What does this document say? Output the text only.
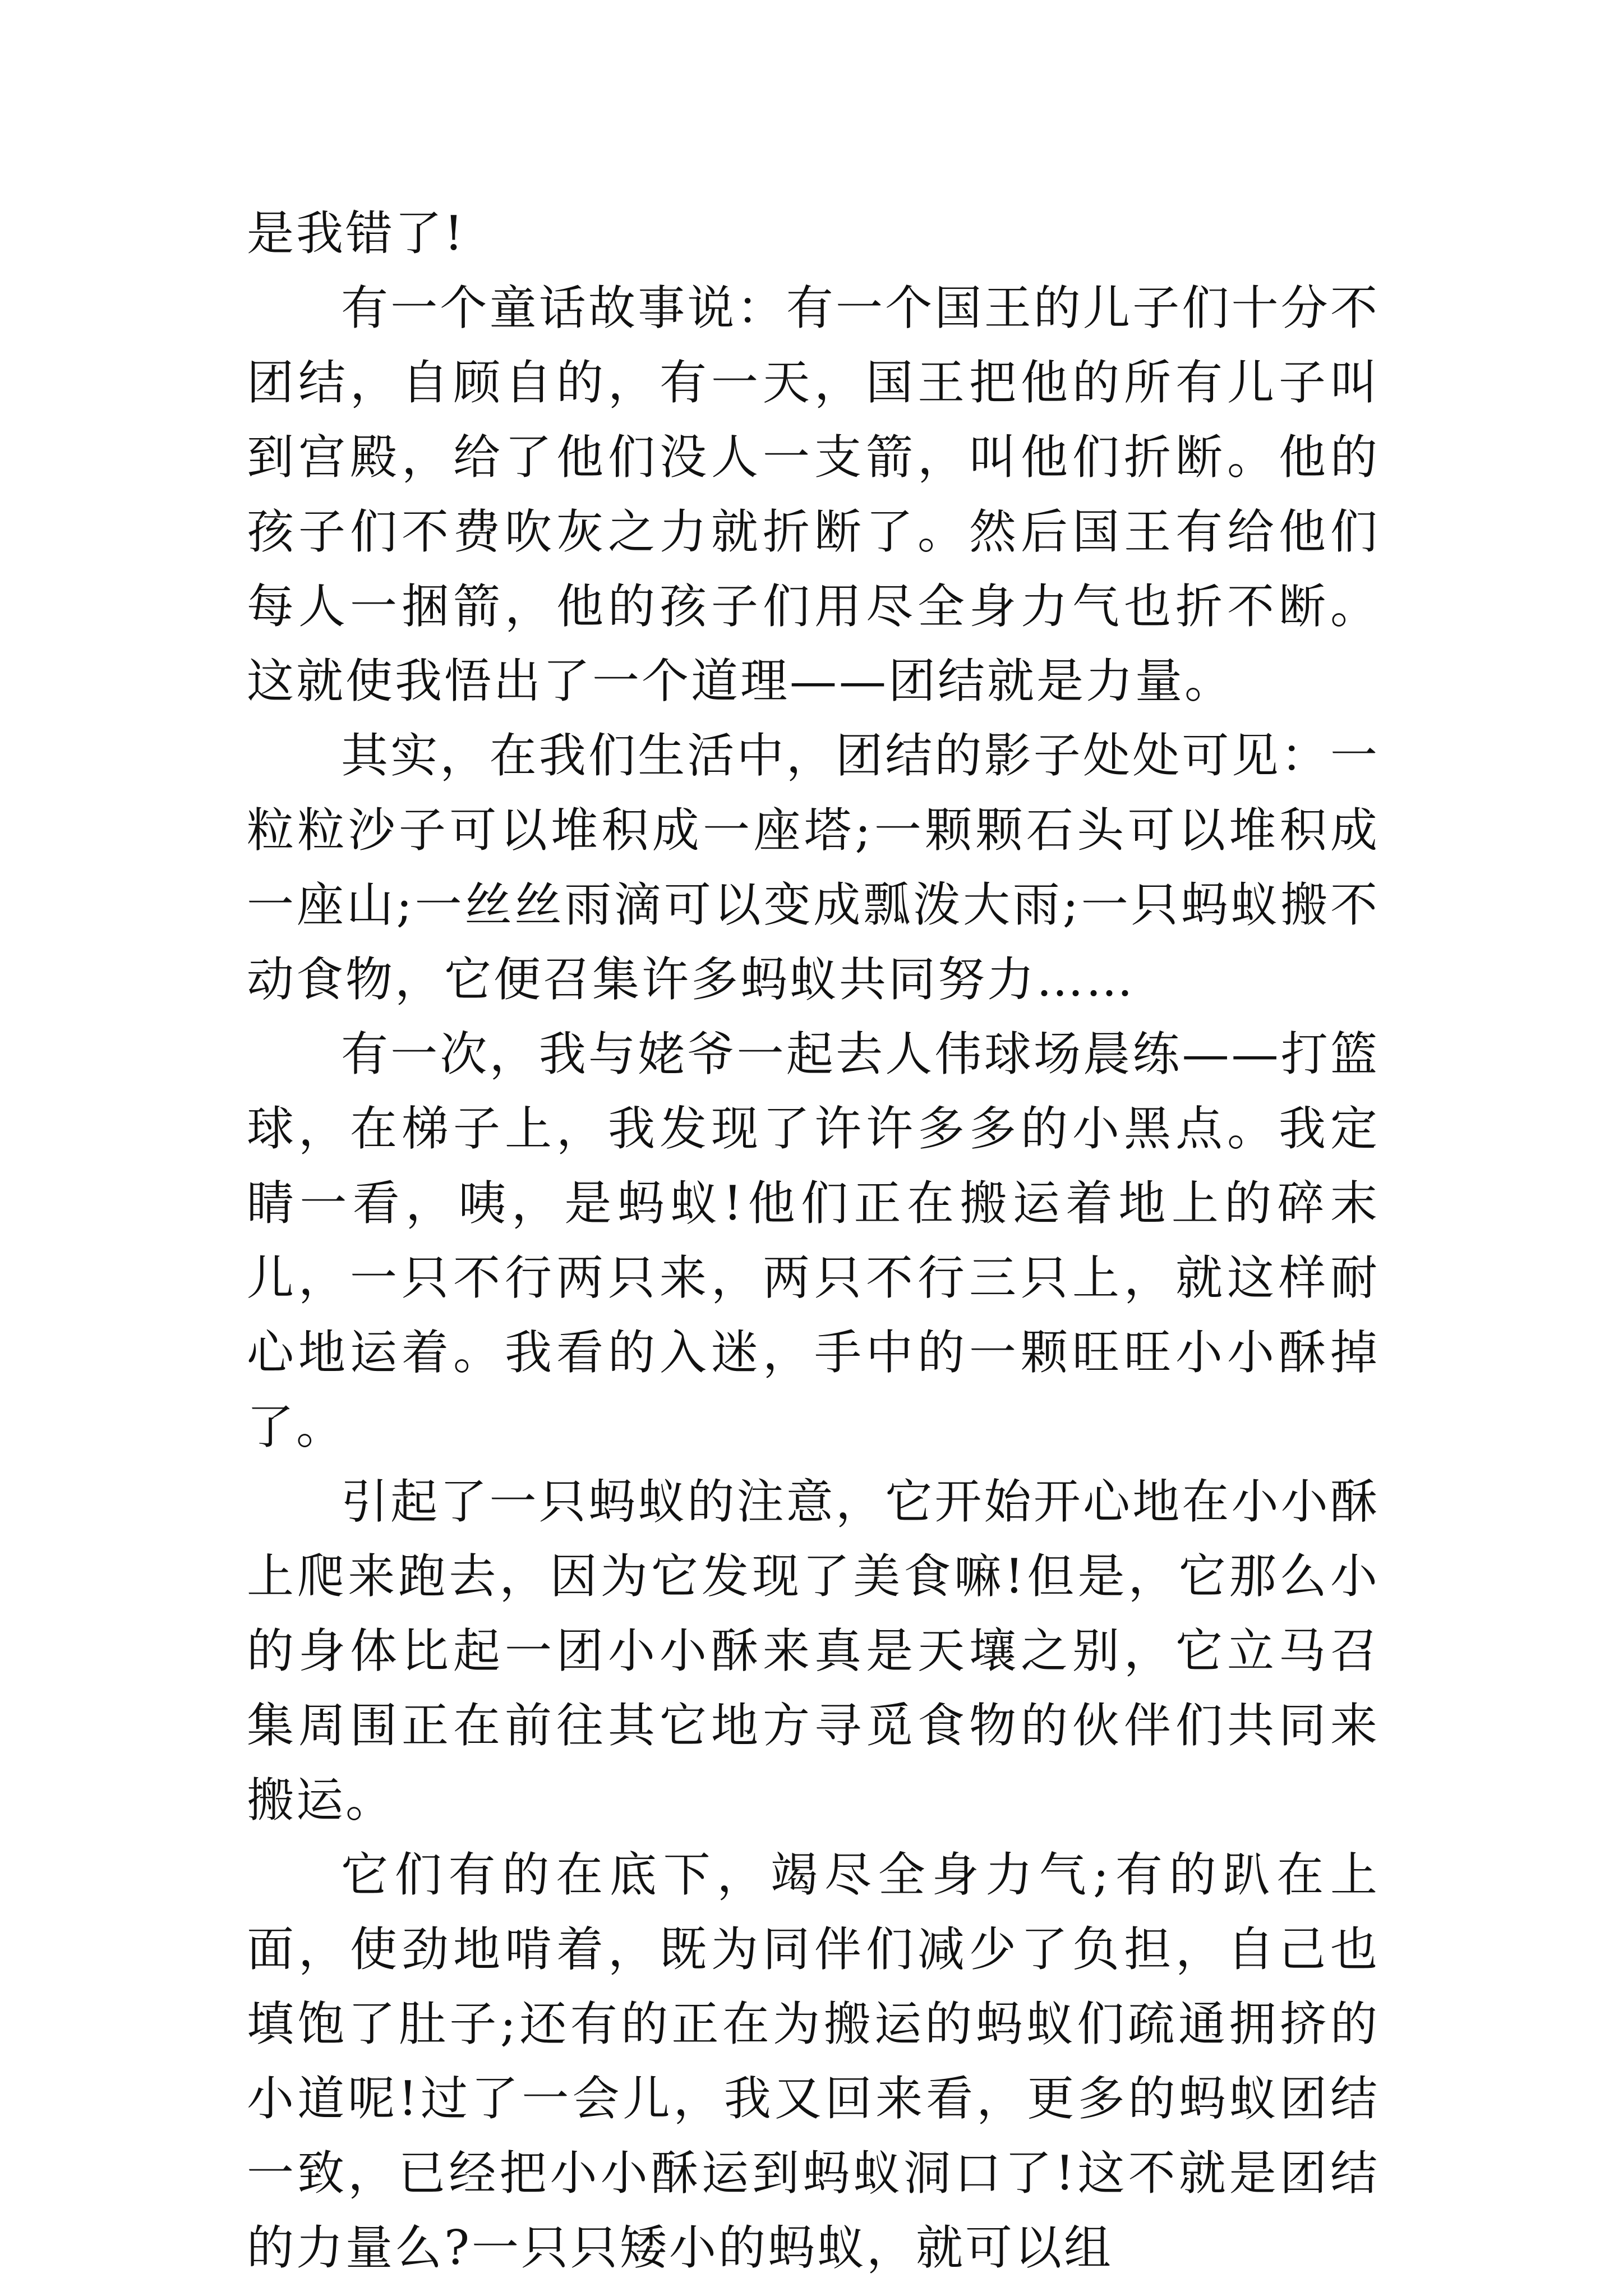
是我错了!

有一个童话故事说：有一个国王的儿子们十分不团结，自顾自的，有一天，国王把他的所有儿子叫到宫殿，给了他们没人一支箭，叫他们折断。他的孩子们不费吹灰之力就折断了。然后国王有给他们每人一捆箭，他的孩子们用尽全身力气也折不断。这就使我悟出了一个道理——团结就是力量。

其实，在我们生活中，团结的影子处处可见：一粒粒沙子可以堆积成一座塔;一颗颗石头可以堆积成一座山;一丝丝雨滴可以变成瓢泼大雨;一只蚂蚁搬不动食物，它便召集许多蚂蚁共同努力……

有一次，我与姥爷一起去人伟球场晨练——打篮球，在梯子上，我发现了许许多多的小黑点。我定睛一看，咦，是蚂蚁!他们正在搬运着地上的碎末儿，一只不行两只来，两只不行三只上，就这样耐心地运着。我看的入迷，手中的一颗旺旺小小酥掉了。

引起了一只蚂蚁的注意，它开始开心地在小小酥上爬来跑去，因为它发现了美食嘛!但是，它那么小的身体比起一团小小酥来真是天壤之别，它立马召集周围正在前往其它地方寻觅食物的伙伴们共同来搬运。

它们有的在底下，竭尽全身力气;有的趴在上面，使劲地啃着，既为同伴们减少了负担，自己也填饱了肚子;还有的正在为搬运的蚂蚁们疏通拥挤的小道呢!过了一会儿，我又回来看，更多的蚂蚁团结一致，已经把小小酥运到蚂蚁洞口了!这不就是团结的力量么?一只只矮小的蚂蚁，就可以组
